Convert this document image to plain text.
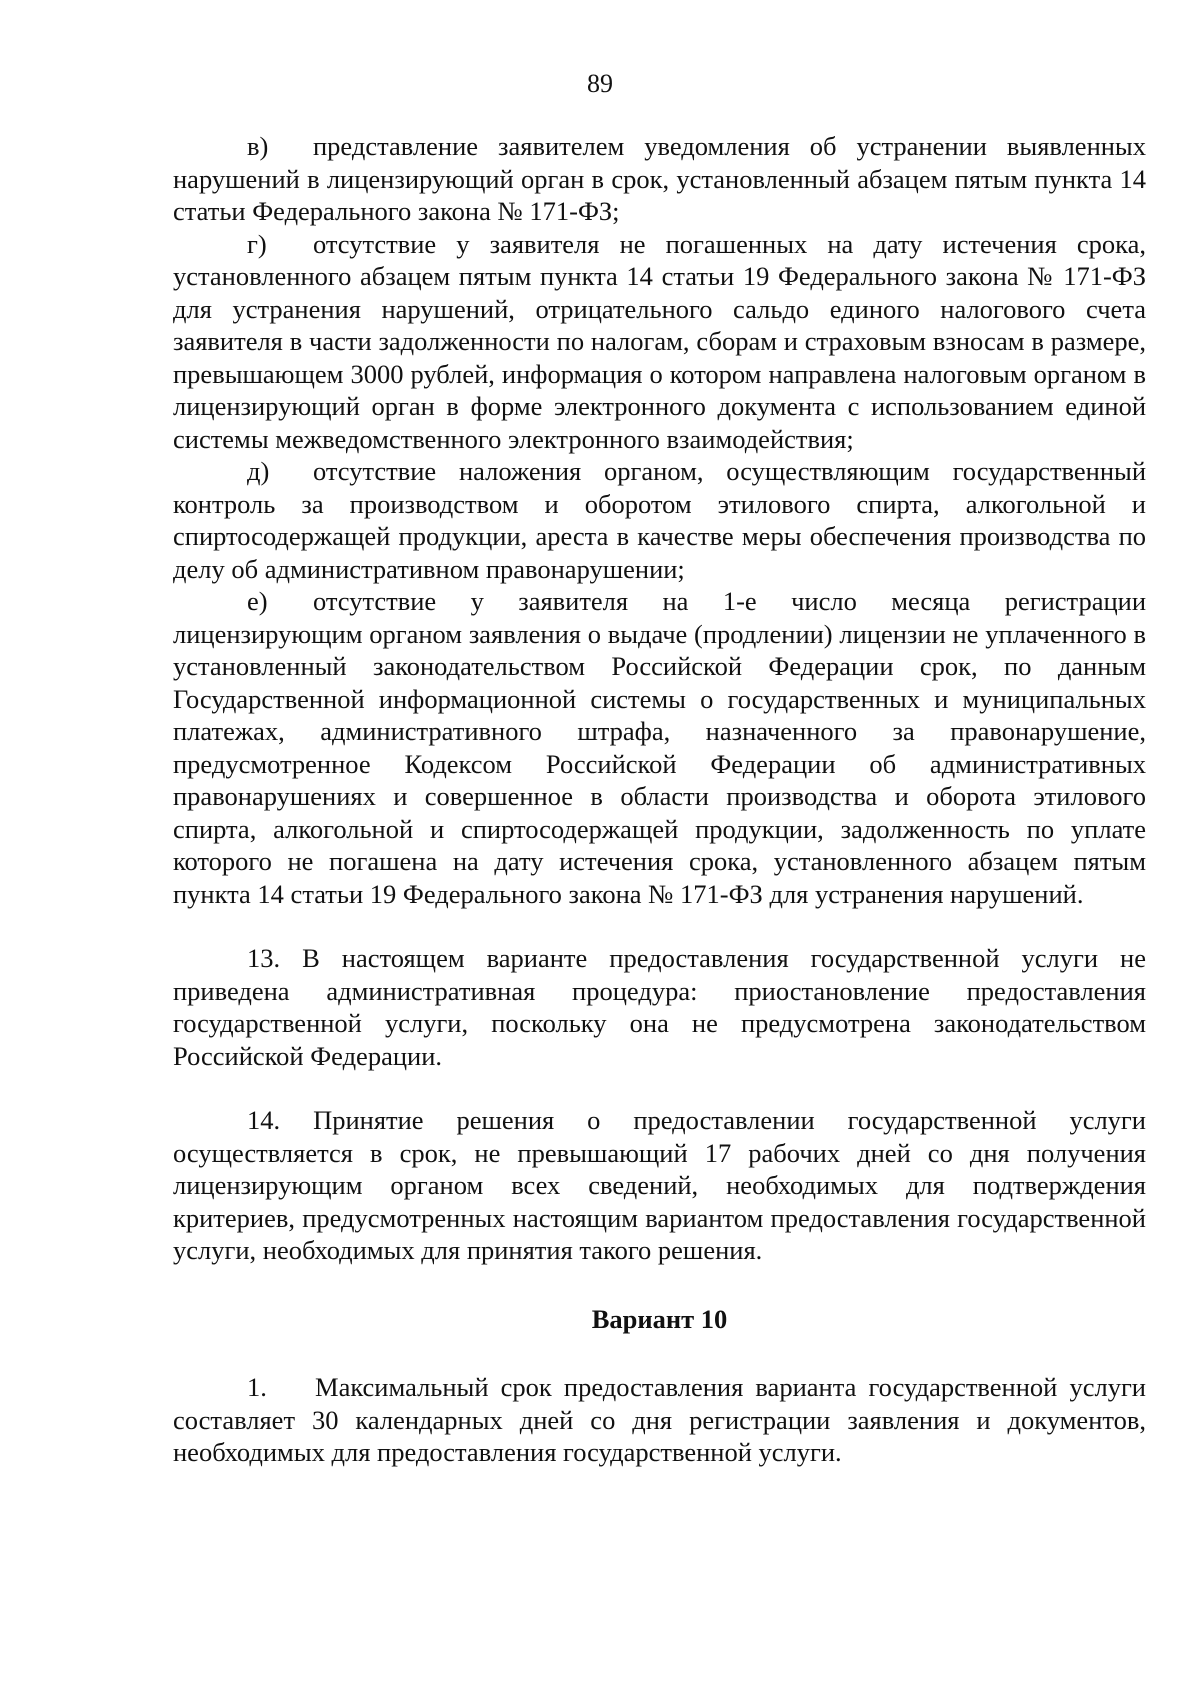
89

в) представление заявителем уведомления об устранении выявленных нарушений в лицензирующий орган в срок, установленный абзацем пятым пункта 14 статьи Федерального закона № 171-ФЗ;

г) отсутствие у заявителя не погашенных на дату истечения срока, установленного абзацем пятым пункта 14 статьи 19 Федерального закона № 171-ФЗ для устранения нарушений, отрицательного сальдо единого налогового счета заявителя в части задолженности по налогам, сборам и страховым взносам в размере, превышающем 3000 рублей, информация о котором направлена налоговым органом в лицензирующий орган в форме электронного документа с использованием единой системы межведомственного электронного взаимодействия;

д) отсутствие наложения органом, осуществляющим государственный контроль за производством и оборотом этилового спирта, алкогольной и спиртосодержащей продукции, ареста в качестве меры обеспечения производства по делу об административном правонарушении;

е) отсутствие у заявителя на 1-е число месяца регистрации лицензирующим органом заявления о выдаче (продлении) лицензии не уплаченного в установленный законодательством Российской Федерации срок, по данным Государственной информационной системы о государственных и муниципальных платежах, административного штрафа, назначенного за правонарушение, предусмотренное Кодексом Российской Федерации об административных правонарушениях и совершенное в области производства и оборота этилового спирта, алкогольной и спиртосодержащей продукции, задолженность по уплате которого не погашена на дату истечения срока, установленного абзацем пятым пункта 14 статьи 19 Федерального закона № 171-ФЗ для устранения нарушений.

13. В настоящем варианте предоставления государственной услуги не приведена административная процедура: приостановление предоставления государственной услуги, поскольку она не предусмотрена законодательством Российской Федерации.

14. Принятие решения о предоставлении государственной услуги осуществляется в срок, не превышающий 17 рабочих дней со дня получения лицензирующим органом всех сведений, необходимых для подтверждения критериев, предусмотренных настоящим вариантом предоставления государственной услуги, необходимых для принятия такого решения.

Вариант 10

1. Максимальный срок предоставления варианта государственной услуги составляет 30 календарных дней со дня регистрации заявления и документов, необходимых для предоставления государственной услуги.
